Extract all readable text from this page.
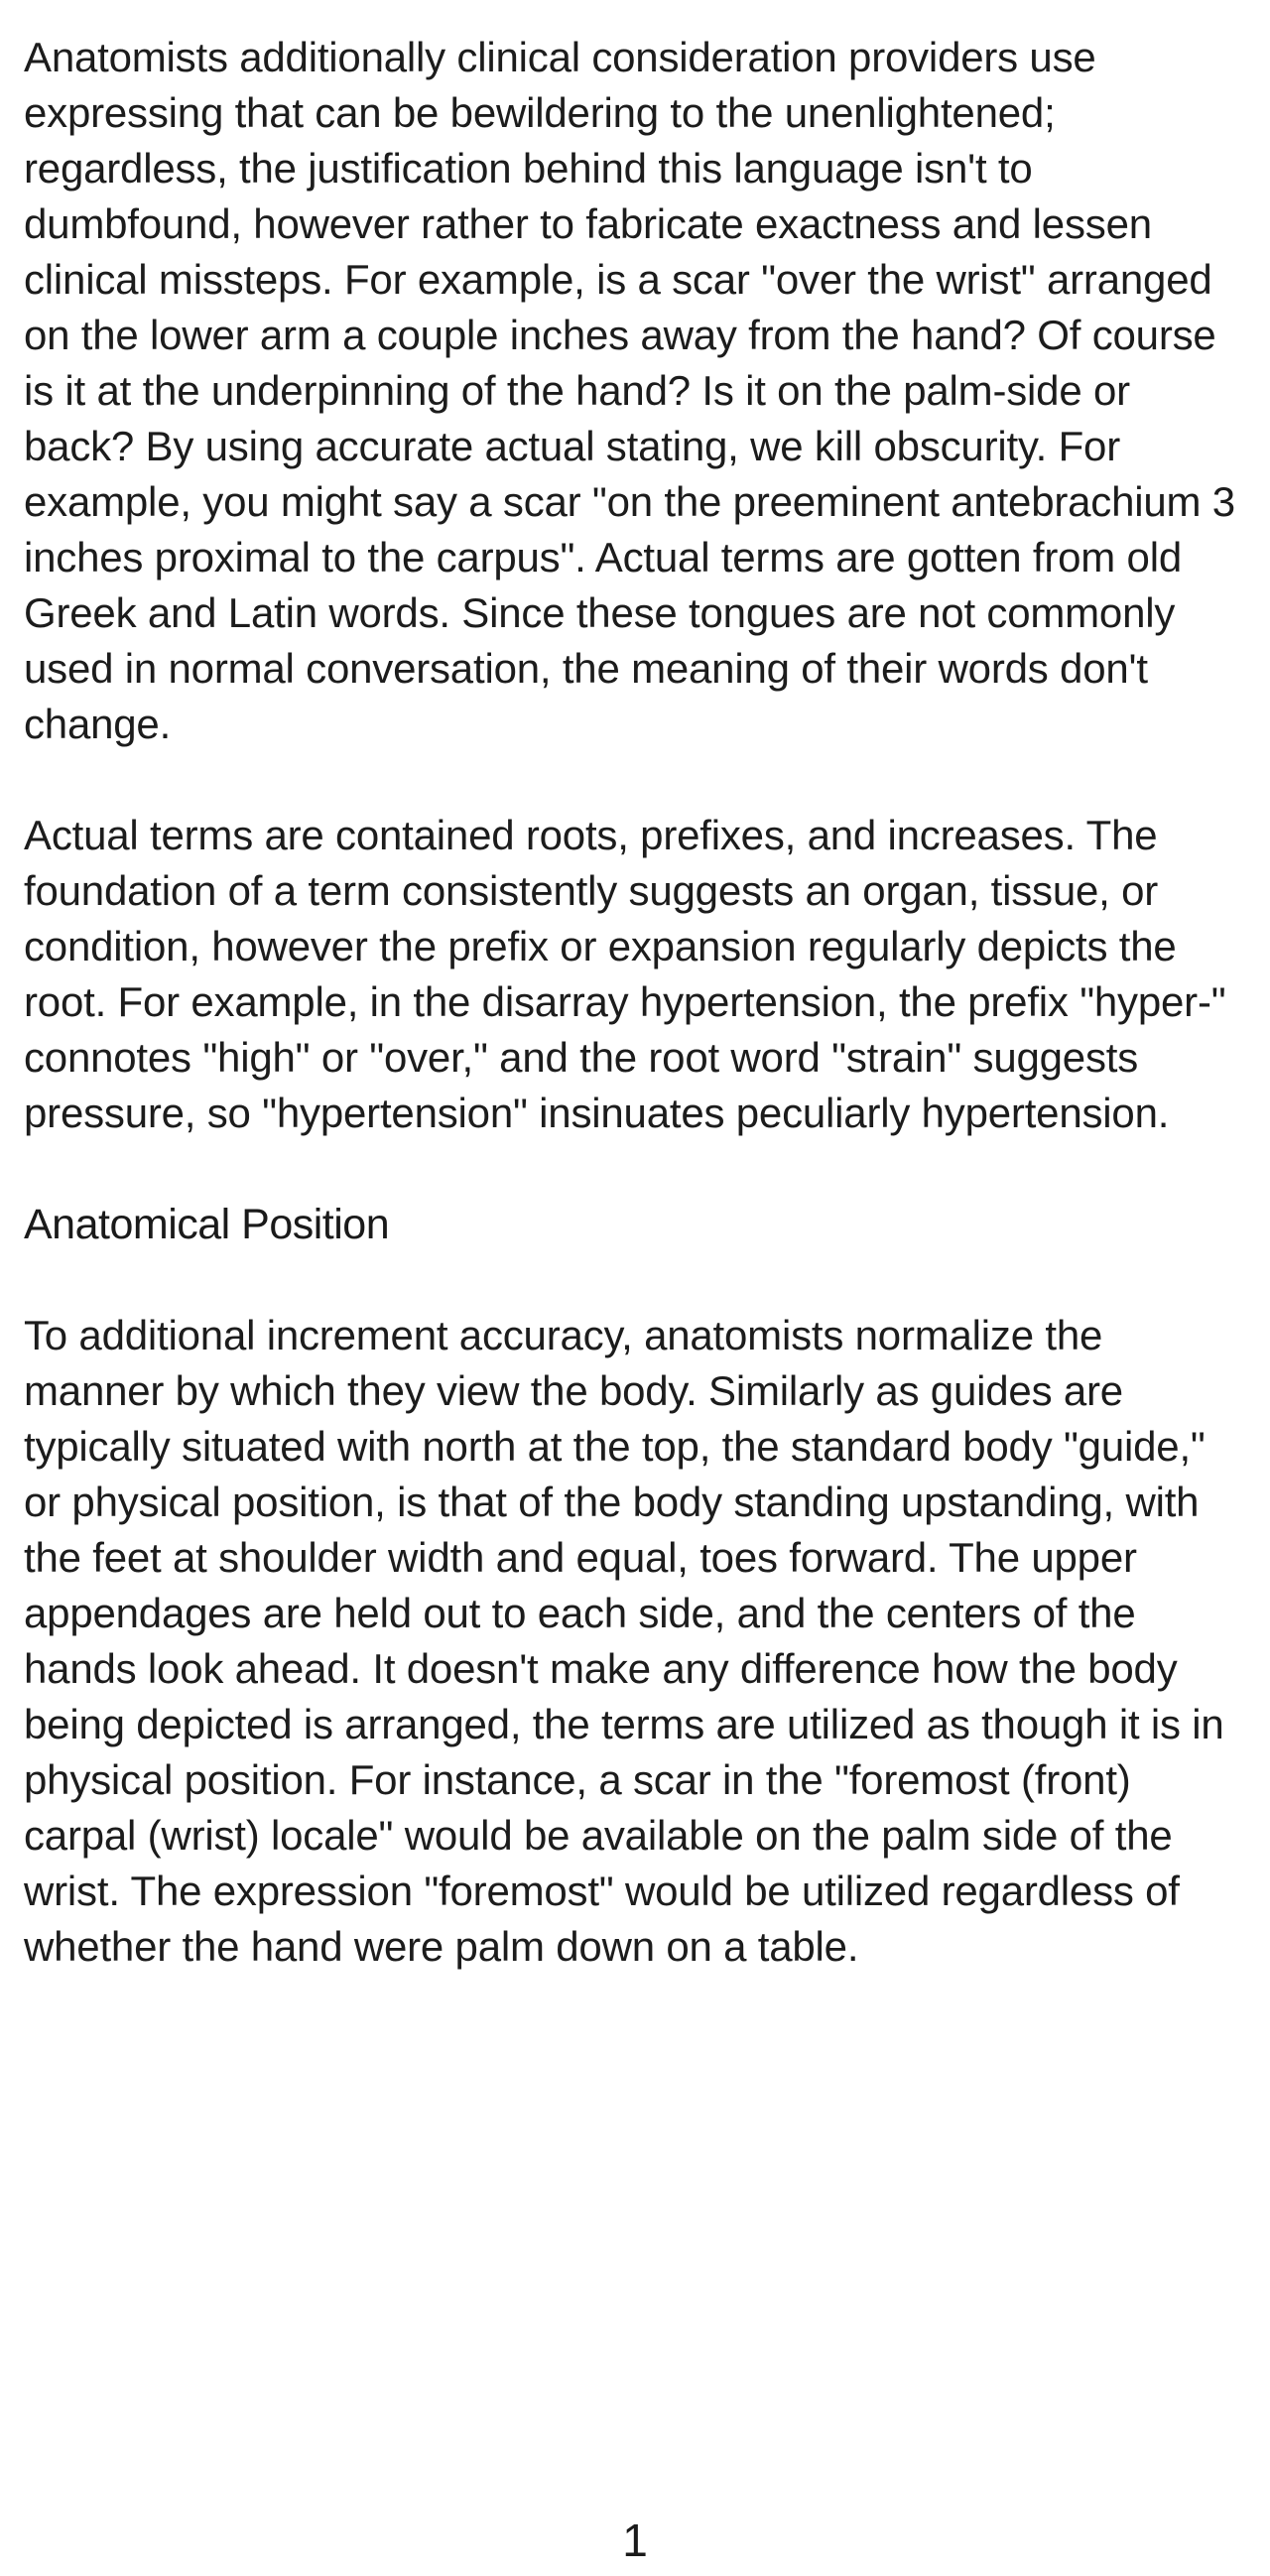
Anatomists additionally clinical consideration providers use expressing that can be bewildering to the unenlightened; regardless, the justification behind this language isn't to dumbfound, however rather to fabricate exactness and lessen clinical missteps. For example, is a scar "over the wrist" arranged on the lower arm a couple inches away from the hand? Of course is it at the underpinning of the hand? Is it on the palm-side or back? By using accurate actual stating, we kill obscurity. For example, you might say a scar "on the preeminent antebrachium 3 inches proximal to the carpus". Actual terms are gotten from old Greek and Latin words. Since these tongues are not commonly used in normal conversation, the meaning of their words don't change.

Actual terms are contained roots, prefixes, and increases. The foundation of a term consistently suggests an organ, tissue, or condition, however the prefix or expansion regularly depicts the root. For example, in the disarray hypertension, the prefix "hyper-" connotes "high" or "over," and the root word "strain" suggests pressure, so "hypertension" insinuates peculiarly hypertension.

Anatomical Position

To additional increment accuracy, anatomists normalize the manner by which they view the body. Similarly as guides are typically situated with north at the top, the standard body "guide," or physical position, is that of the body standing upstanding, with the feet at shoulder width and equal, toes forward. The upper appendages are held out to each side, and the centers of the hands look ahead. It doesn't make any difference how the body being depicted is arranged, the terms are utilized as though it is in physical position. For instance, a scar in the "foremost (front) carpal (wrist) locale" would be available on the palm side of the wrist. The expression "foremost" would be utilized regardless of whether the hand were palm down on a table.

1
